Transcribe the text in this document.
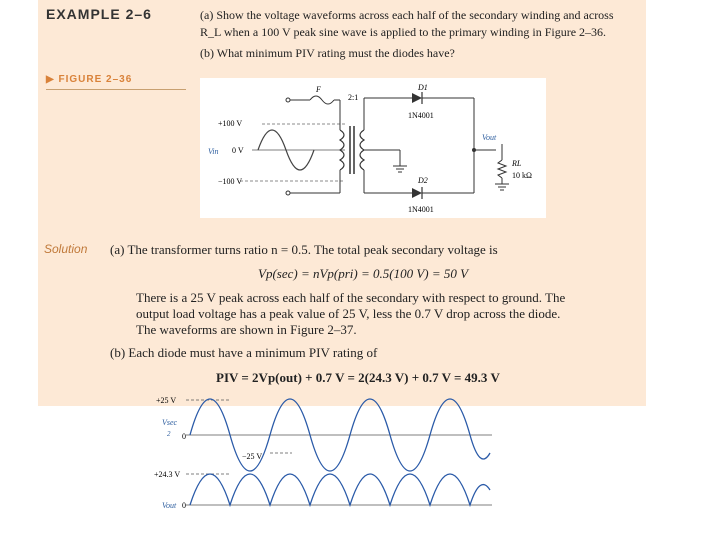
EXAMPLE 2–6	(a) Show the voltage waveforms across each half of the secondary winding and across
R_L when a 100 V peak sine wave is applied to the primary winding in Figure 2–36.
(b) What minimum PIV rating must the diodes have?
▶ FIGURE 2–36
+100 V
0 V
Vin
−100 V
F
2:1
D1
1N4001
D2
1N4001
Vout
RL
10 kΩ
Solution (a) The transformer turns ratio n = 0.5. The total peak secondary voltage is
Vp(sec) = nVp(pri) = 0.5(100 V) = 50 V
There is a 25 V peak across each half of the secondary with respect to ground. The
output load voltage has a peak value of 25 V, less the 0.7 V drop across the diode.
The waveforms are shown in Figure 2–37.
(b) Each diode must have a minimum PIV rating of
PIV = 2Vp(out) + 0.7 V = 2(24.3 V) + 0.7 V = 49.3 V
+25 V
Vsec
2 0
−25 V
+24.3 V
Vout 0
